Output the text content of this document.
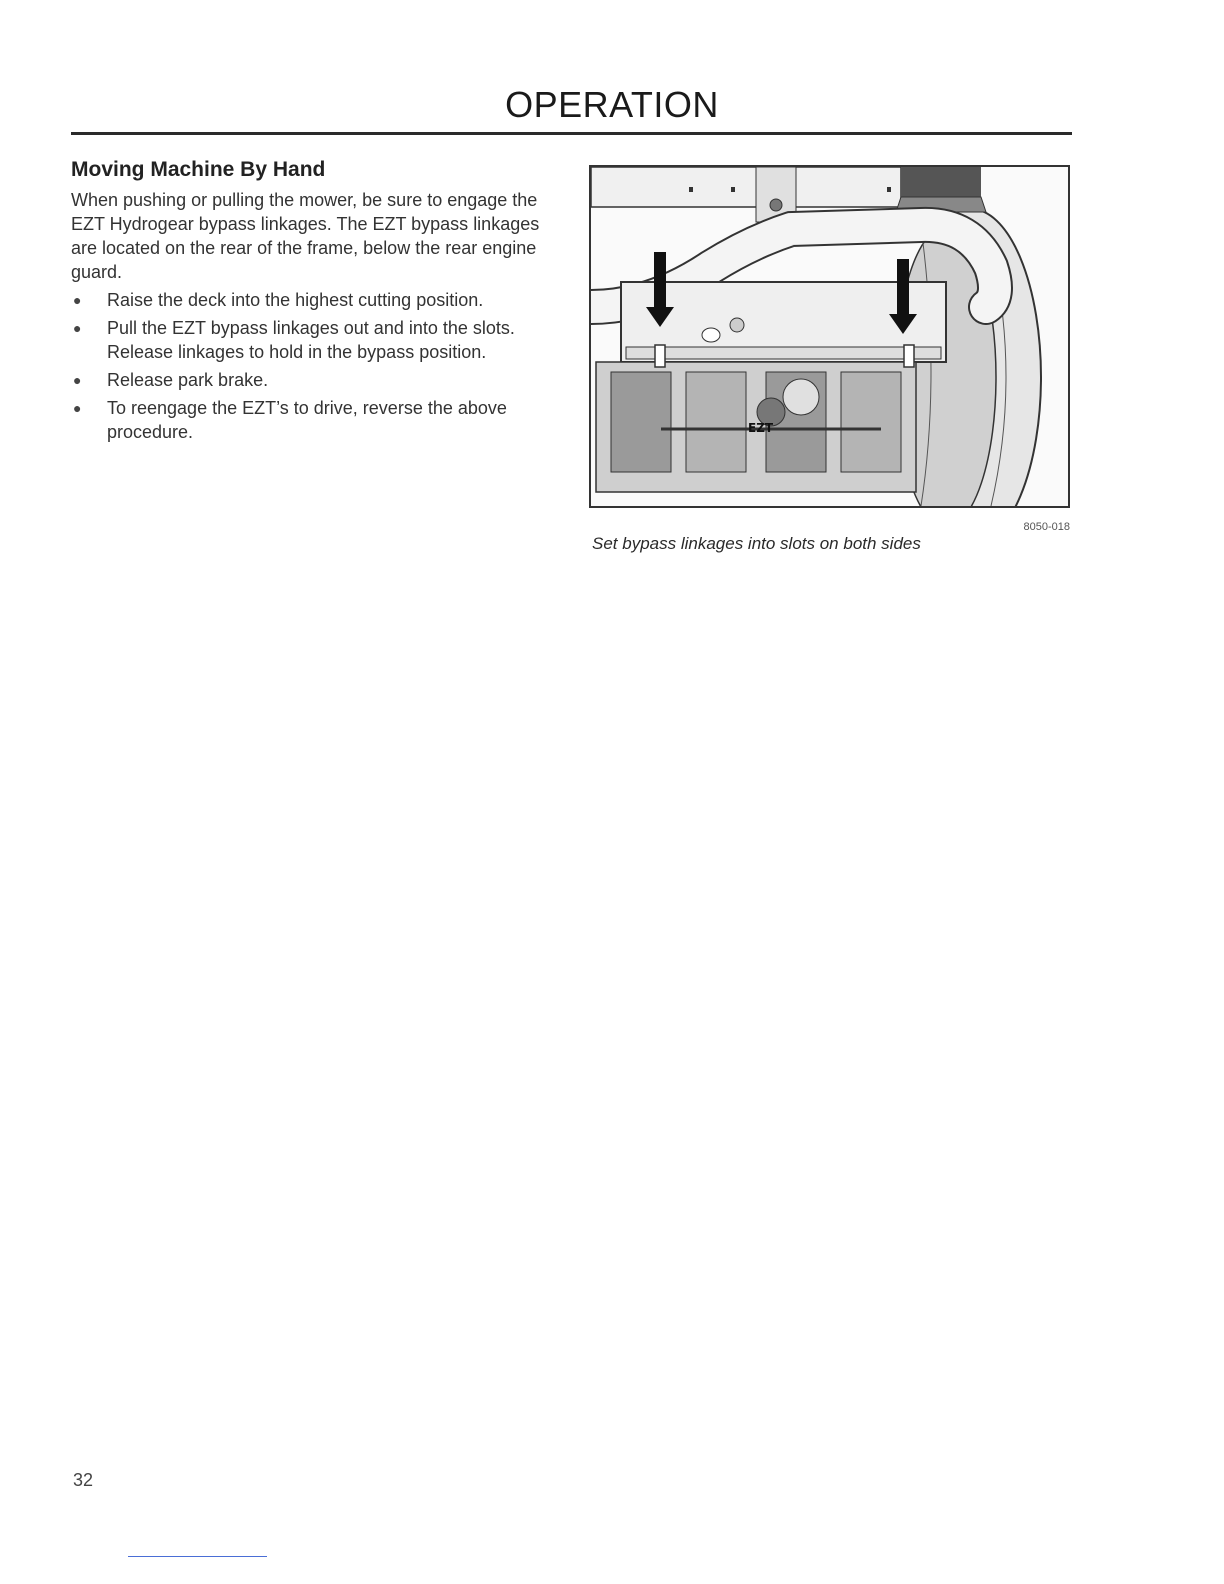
OPERATION
Moving Machine By Hand
When pushing or pulling the mower, be sure to engage the EZT Hydrogear bypass linkages. The EZT bypass linkages are located on the rear of the frame, below the rear engine guard.
● Raise the deck into the highest cutting position.
● Pull the EZT bypass linkages out and into the slots. Release linkages to hold in the bypass position.
● Release park brake.
● To reengage the EZT’s to drive, reverse the above procedure.	EZT
8050-018
Set bypass linkages into slots on both sides
32
